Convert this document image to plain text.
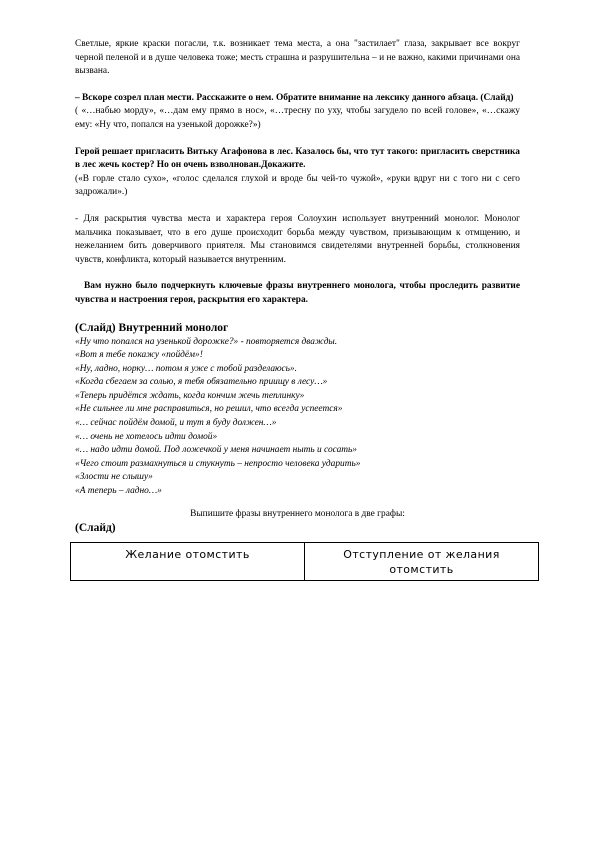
Светлые, яркие краски погасли, т.к. возникает тема места, а она "застилает" глаза, закрывает все вокруг черной пеленой и в душе человека тоже; месть страшна и разрушительна – и не важно, какими причинами она вызвана.

– Вскоре созрел план мести. Расскажите о нем. Обратите внимание на лексику данного абзаца. (Слайд)

( «…набью морду», «…дам ему прямо в нос», «…тресну по уху, чтобы загудело по всей голове», «…скажу ему: «Ну что, попался на узенькой дорожке?»)

Герой решает пригласить Витьку Агафонова в лес. Казалось бы, что тут такого: пригласить сверстника в лес жечь костер? Но он очень взволнован.Докажите.

(«В горле стало сухо», «голос сделался глухой и вроде бы чей-то чужой», «руки вдруг ни с того ни с сего задрожали».)

- Для раскрытия чувства места и характера героя Солоухин использует внутренний монолог. Монолог мальчика показывает, что в его душе происходит борьба между чувством, призывающим к отмщению, и нежеланием бить доверчивого приятеля. Мы становимся свидетелями внутренней борьбы, столкновения чувств, конфликта, который называется внутренним.

Вам нужно было подчеркнуть ключевые фразы внутреннего монолога, чтобы проследить развитие чувства и настроения героя, раскрытия его характера.

(Слайд) Внутренний монолог

«Ну что попался на узенькой дорожке?» - повторяется дважды.

«Вот я тебе покажу «пойдём»!

«Ну, ладно, норку… потом я уже с тобой разделаюсь».

«Когда сбегаем за солью, я тебя обязательно приищу в лесу…»

«Теперь придётся ждать, когда кончим жечь теплинку»

«Не сильнее ли мне расправиться, но решил, что всегда успеется»

«… сейчас пойдём домой, и тут я буду должен…»

«… очень не хотелось идти домой»

«… надо идти домой. Под ложечкой у меня начинает ныть и сосать»

«Чего стоит размахнуться и стукнуть – непросто человека ударить»

«Злости не слышу»

«А теперь – ладно…»

Выпишите фразы внутреннего монолога в две графы:

(Слайд)
Желание отомстить	Отступление от желания отомстить
